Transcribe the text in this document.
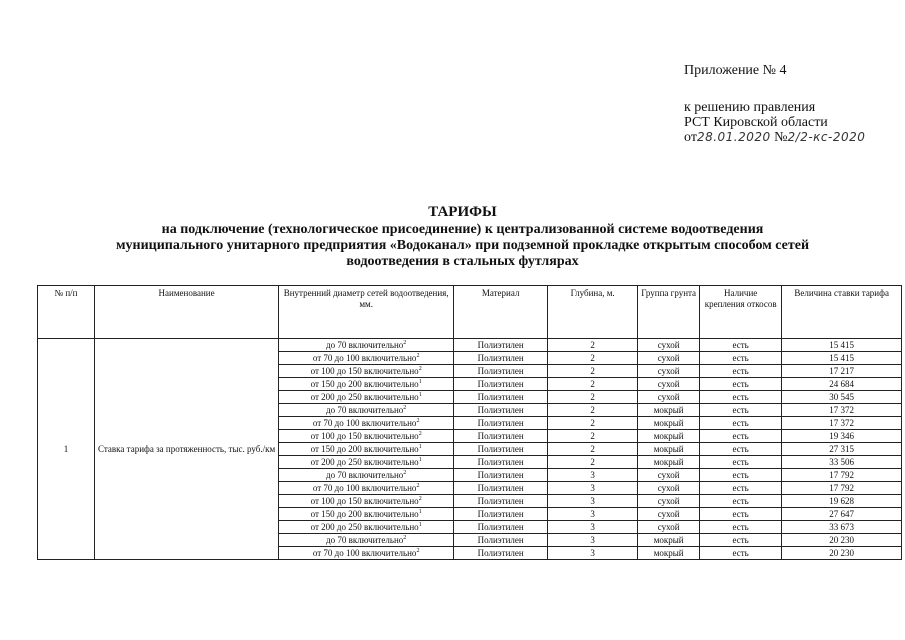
Приложение № 4
к решению правления
РСТ Кировской области
от28.01.2020 №2/2-кс-2020
ТАРИФЫ
на подключение (технологическое присоединение) к централизованной системе водоотведения
муниципального унитарного предприятия «Водоканал» при подземной прокладке открытым способом сетей
водоотведения в стальных футлярах
№ п/п	Наименование	Внутренний диаметр сетей водоотведения, мм.	Материал	Глубина, м.	Группа грунта	Наличие крепления откосов	Величина ставки тарифа
1	Ставка тарифа за протяженность, тыс. руб./км	до 70 включительно$^2$	Полиэтилен	2	сухой	есть	15 415
		от 70 до 100 включительно$^2$	Полиэтилен	2	сухой	есть	15 415
		от 100 до 150 включительно$^2$	Полиэтилен	2	сухой	есть	17 217
		от 150 до 200 включительно$^1$	Полиэтилен	2	сухой	есть	24 684
		от 200 до 250 включительно$^1$	Полиэтилен	2	сухой	есть	30 545
		до 70 включительно$^2$	Полиэтилен	2	мокрый	есть	17 372
		от 70 до 100 включительно$^2$	Полиэтилен	2	мокрый	есть	17 372
		от 100 до 150 включительно$^2$	Полиэтилен	2	мокрый	есть	19 346
		от 150 до 200 включительно$^1$	Полиэтилен	2	мокрый	есть	27 315
		от 200 до 250 включительно$^1$	Полиэтилен	2	мокрый	есть	33 506
		до 70 включительно$^2$	Полиэтилен	3	сухой	есть	17 792
		от 70 до 100 включительно$^2$	Полиэтилен	3	сухой	есть	17 792
		от 100 до 150 включительно$^2$	Полиэтилен	3	сухой	есть	19 628
		от 150 до 200 включительно$^1$	Полиэтилен	3	сухой	есть	27 647
		от 200 до 250 включительно$^1$	Полиэтилен	3	сухой	есть	33 673
		до 70 включительно$^2$	Полиэтилен	3	мокрый	есть	20 230
		от 70 до 100 включительно$^2$	Полиэтилен	3	мокрый	есть	20 230
